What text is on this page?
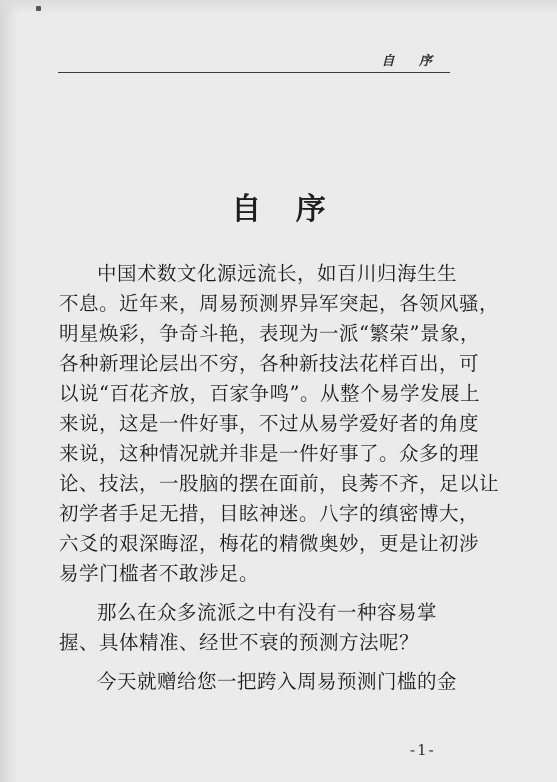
自 序
自 序
中国术数文化源远流长，如百川归海生生
不息。近年来，周易预测界异军突起，各领风骚，
明星焕彩，争奇斗艳，表现为一派“繁荣”景象，
各种新理论层出不穷，各种新技法花样百出，可
以说“百花齐放，百家争鸣”。从整个易学发展上
来说，这是一件好事，不过从易学爱好者的角度
来说，这种情况就并非是一件好事了。众多的理
论、技法，一股脑的摆在面前，良莠不齐，足以让
初学者手足无措，目眩神迷。八字的缜密博大，
六爻的艰深晦涩，梅花的精微奥妙，更是让初涉
易学门槛者不敢涉足。
那么在众多流派之中有没有一种容易掌
握、具体精准、经世不衰的预测方法呢？
今天就赠给您一把跨入周易预测门槛的金
-1-
